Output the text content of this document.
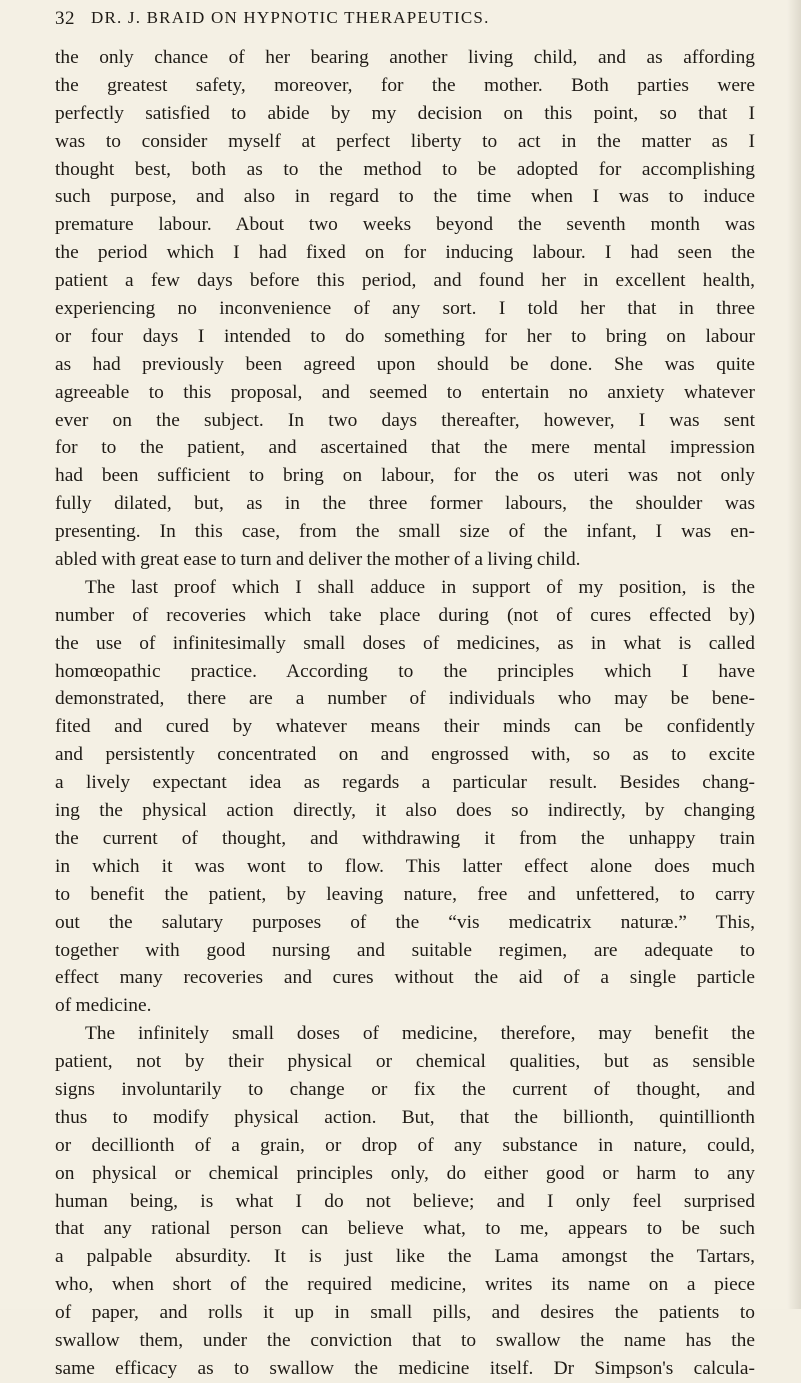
32 DR. J. BRAID ON HYPNOTIC THERAPEUTICS.
the only chance of her bearing another living child, and as affording
the greatest safety, moreover, for the mother. Both parties were
perfectly satisfied to abide by my decision on this point, so that I
was to consider myself at perfect liberty to act in the matter as I
thought best, both as to the method to be adopted for accomplishing
such purpose, and also in regard to the time when I was to induce
premature labour. About two weeks beyond the seventh month was
the period which I had fixed on for inducing labour. I had seen the
patient a few days before this period, and found her in excellent health,
experiencing no inconvenience of any sort. I told her that in three
or four days I intended to do something for her to bring on labour
as had previously been agreed upon should be done. She was quite
agreeable to this proposal, and seemed to entertain no anxiety whatever
ever on the subject. In two days thereafter, however, I was sent
for to the patient, and ascertained that the mere mental impression
had been sufficient to bring on labour, for the os uteri was not only
fully dilated, but, as in the three former labours, the shoulder was
presenting. In this case, from the small size of the infant, I was en-
abled with great ease to turn and deliver the mother of a living child.
The last proof which I shall adduce in support of my position, is the
number of recoveries which take place during (not of cures effected by)
the use of infinitesimally small doses of medicines, as in what is called
homœopathic practice. According to the principles which I have
demonstrated, there are a number of individuals who may be bene-
fited and cured by whatever means their minds can be confidently
and persistently concentrated on and engrossed with, so as to excite
a lively expectant idea as regards a particular result. Besides chang-
ing the physical action directly, it also does so indirectly, by changing
the current of thought, and withdrawing it from the unhappy train
in which it was wont to flow. This latter effect alone does much
to benefit the patient, by leaving nature, free and unfettered, to carry
out the salutary purposes of the “vis medicatrix naturæ.” This,
together with good nursing and suitable regimen, are adequate to
effect many recoveries and cures without the aid of a single particle
of medicine.
The infinitely small doses of medicine, therefore, may benefit the
patient, not by their physical or chemical qualities, but as sensible
signs involuntarily to change or fix the current of thought, and
thus to modify physical action. But, that the billionth, quintillionth
or decillionth of a grain, or drop of any substance in nature, could,
on physical or chemical principles only, do either good or harm to any
human being, is what I do not believe; and I only feel surprised
that any rational person can believe what, to me, appears to be such
a palpable absurdity. It is just like the Lama amongst the Tartars,
who, when short of the required medicine, writes its name on a piece
of paper, and rolls it up in small pills, and desires the patients to
swallow them, under the conviction that to swallow the name has the
same efficacy as to swallow the medicine itself. Dr Simpson's calcula-
